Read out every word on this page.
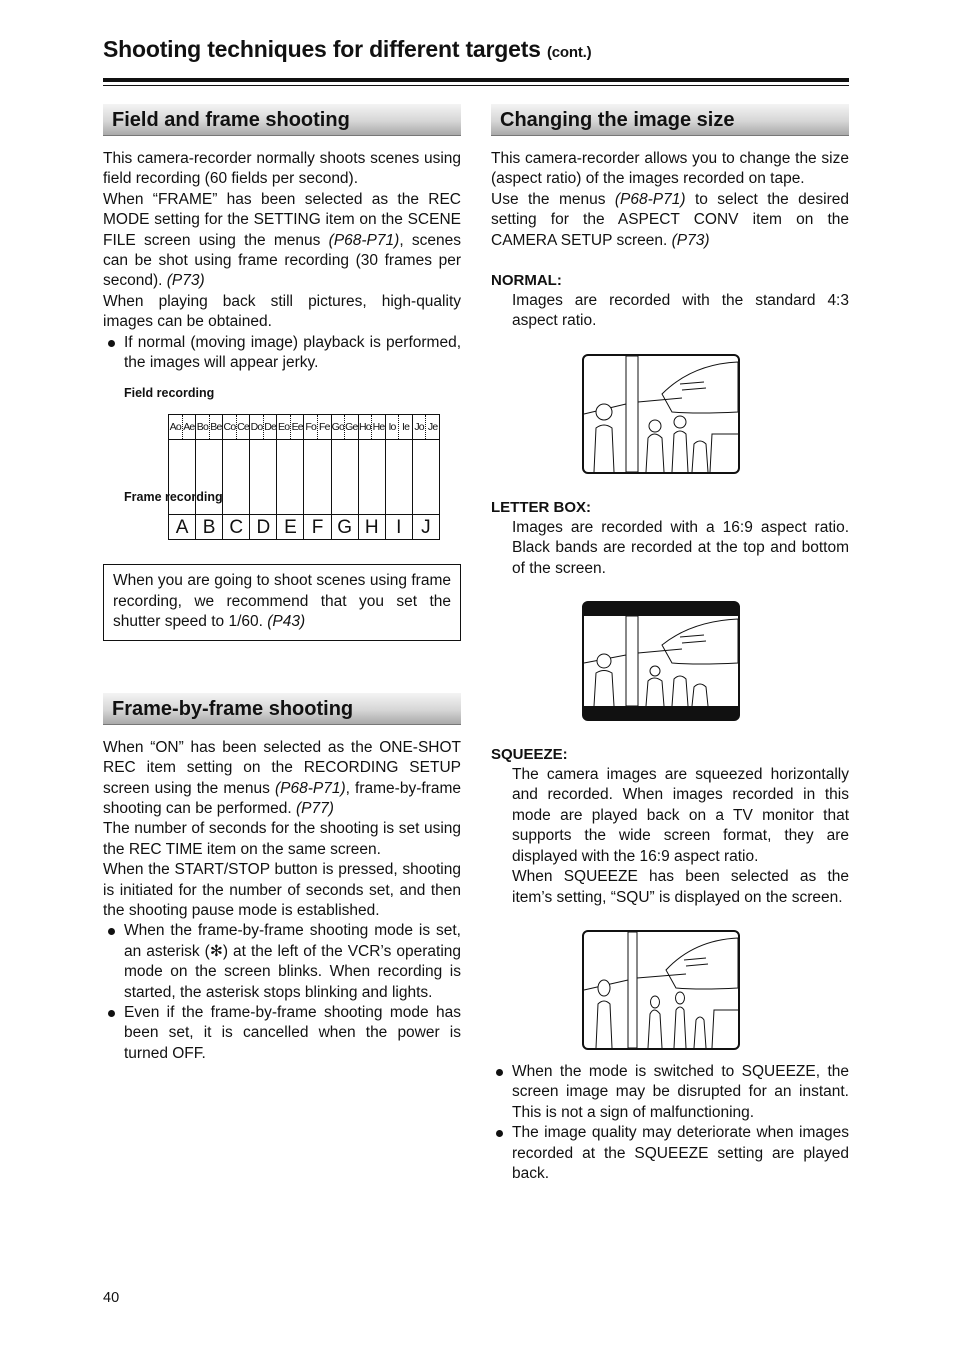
Shooting techniques for different targets (cont.)
Field and frame shooting

This camera-recorder normally shoots scenes using field recording (60 fields per second).

When “FRAME” has been selected as the REC MODE setting for the SETTING item on the SCENE FILE screen using the menus (P68-P71), scenes can be shot using frame recording (30 frames per second). (P73)

When playing back still pictures, high-quality images can be obtained.

If normal (moving image) playback is performed, the images will appear jerky.

Field recording
Ao Ae Bo Be Co Ce Do De Eo Ee Fo Fe Go Ge Ho He Io Ie Jo Je
Frame recording
A B C D E F G H I	J

When you are going to shoot scenes using frame recording, we recommend that you set the shutter speed to 1/60. (P43)

Frame-by-frame shooting

When “ON” has been selected as the ONE-SHOT REC item setting on the RECORDING SETUP screen using the menus (P68-P71), frame-by-frame shooting can be performed. (P77)

The number of seconds for the shooting is set using the REC TIME item on the same screen.

When the START/STOP button is pressed, shooting is initiated for the number of seconds set, and then the shooting pause mode is established.

When the frame-by-frame shooting mode is set, an asterisk (✻) at the left of the VCR’s operating mode on the screen blinks. When recording is started, the asterisk stops blinking and lights.

Even if the frame-by-frame shooting mode has been set, it is cancelled when the power is turned OFF.

Changing the image size

This camera-recorder allows you to change the size (aspect ratio) of the images recorded on tape.

Use the menus (P68-P71) to select the desired setting for the ASPECT CONV item on the CAMERA SETUP screen. (P73)

NORMAL:

Images are recorded with the standard 4:3 aspect ratio.

LETTER BOX:

Images are recorded with a 16:9 aspect ratio. Black bands are recorded at the top and bottom of the screen.

SQUEEZE:

The camera images are squeezed horizontally and recorded. When images recorded in this mode are played back on a TV monitor that supports the wide screen format, they are displayed with the 16:9 aspect ratio.

When SQUEEZE has been selected as the item’s setting, “SQU” is displayed on the screen.

When the mode is switched to SQUEEZE, the screen image may be disrupted for an instant. This is not a sign of malfunctioning.

The image quality may deteriorate when images recorded at the SQUEEZE setting are played back.

40
